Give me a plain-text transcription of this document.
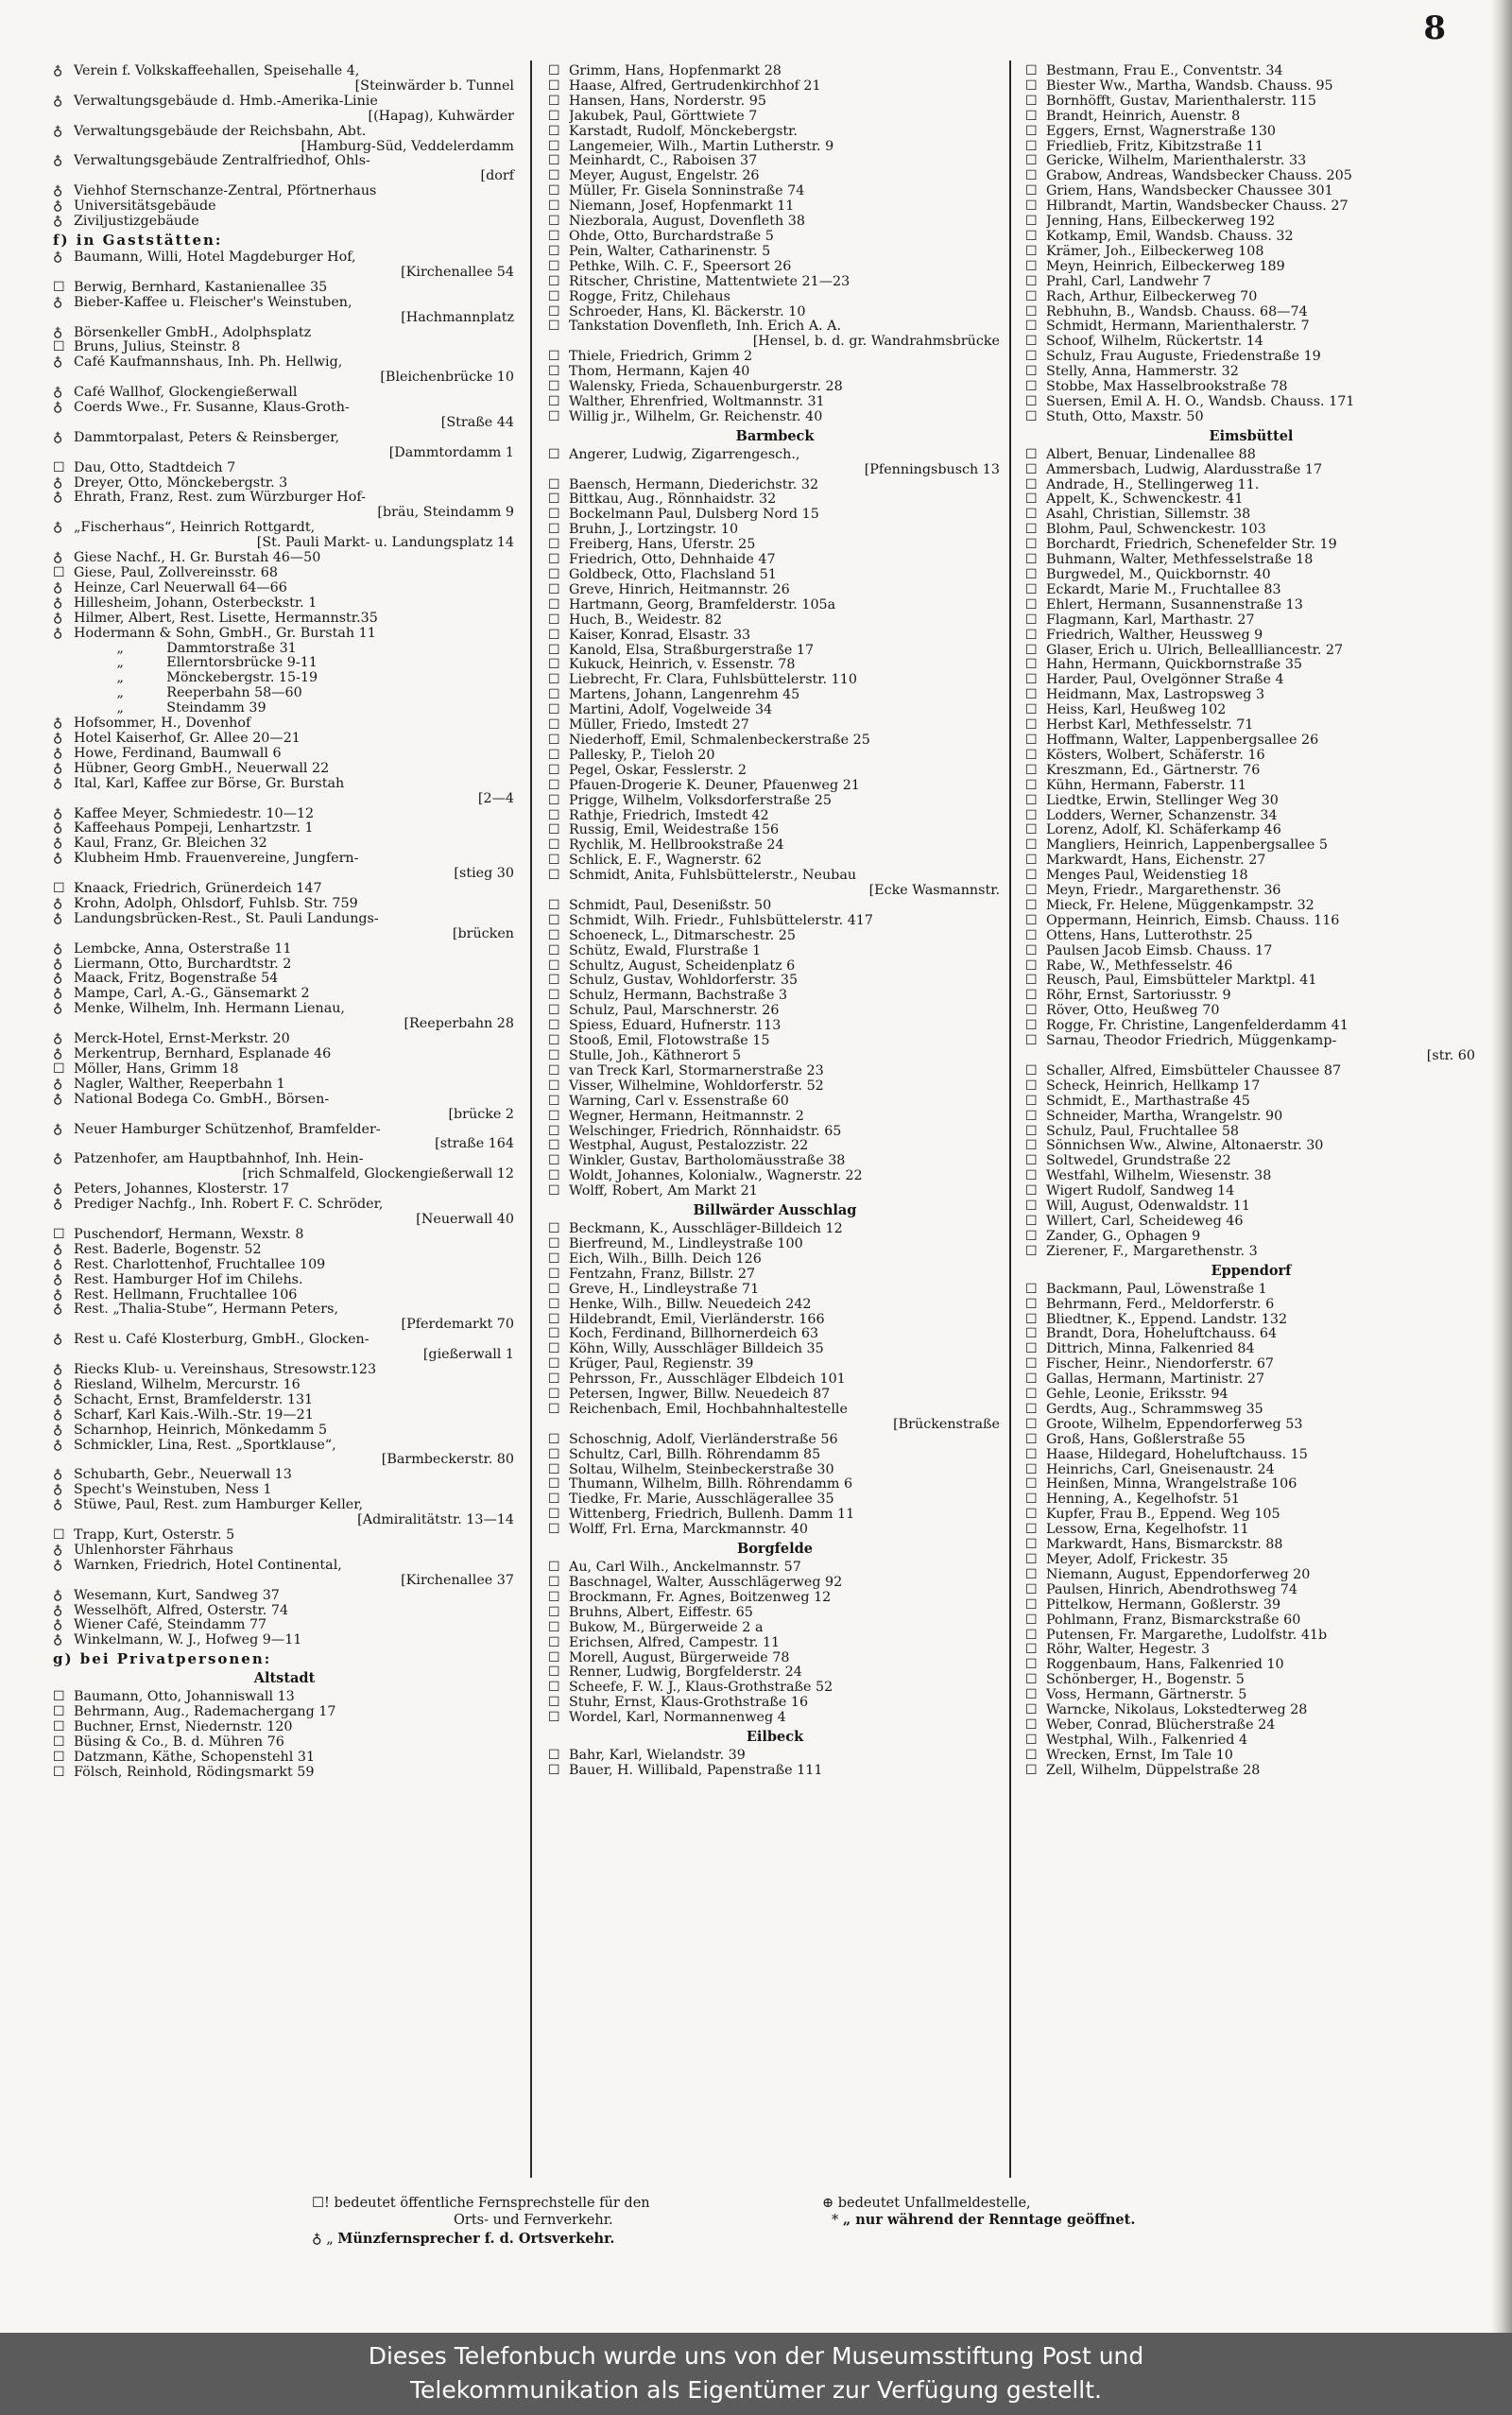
8
♁ Verein f. Volkskaffeehallen, Speisehalle 4,
[Steinwärder b. Tunnel
♁ Verwaltungsgebäude d. Hmb.-Amerika-Linie
[(Hapag), Kuhwärder
♁ Verwaltungsgebäude der Reichsbahn, Abt.
[Hamburg-Süd, Veddelerdamm
♁ Verwaltungsgebäude Zentralfriedhof, Ohls-
[dorf
♁ Viehhof Sternschanze-Zentral, Pförtnerhaus
♁ Universitätsgebäude
♁ Ziviljustizgebäude
f) in Gaststätten:
♁ Baumann, Willi, Hotel Magdeburger Hof,
[Kirchenallee 54
☐ Berwig, Bernhard, Kastanienallee 35
♁ Bieber-Kaffee u. Fleischer's Weinstuben,
[Hachmannplatz
♁ Börsenkeller GmbH., Adolphsplatz
☐ Bruns, Julius, Steinstr. 8
♁ Café Kaufmannshaus, Inh. Ph. Hellwig,
[Bleichenbrücke 10
♁ Café Wallhof, Glockengießerwall
♁ Coerds Wwe., Fr. Susanne, Klaus-Groth-
[Straße 44
♁ Dammtorpalast, Peters & Reinsberger,
[Dammtordamm 1
☐ Dau, Otto, Stadtdeich 7
♁ Dreyer, Otto, Mönckebergstr. 3
♁ Ehrath, Franz, Rest. zum Würzburger Hof-
[bräu, Steindamm 9
♁ „Fischerhaus“, Heinrich Rottgardt,
[St. Pauli Markt- u. Landungsplatz 14
♁ Giese Nachf., H. Gr. Burstah 46—50
☐ Giese, Paul, Zollvereinsstr. 68
♁ Heinze, Carl Neuerwall 64—66
♁ Hillesheim, Johann, Osterbeckstr. 1
♁ Hilmer, Albert, Rest. Lisette, Hermannstr.35
♁ Hodermann & Sohn, GmbH., Gr. Burstah 11
„          Dammtorstraße 31
„          Ellerntorsbrücke 9-11
„          Mönckebergstr. 15-19
„          Reeperbahn 58—60
„          Steindamm 39
♁ Hofsommer, H., Dovenhof
♁ Hotel Kaiserhof, Gr. Allee 20—21
♁ Howe, Ferdinand, Baumwall 6
♁ Hübner, Georg GmbH., Neuerwall 22
♁ Ital, Karl, Kaffee zur Börse, Gr. Burstah
[2—4
♁ Kaffee Meyer, Schmiedestr. 10—12
♁ Kaffeehaus Pompeji, Lenhartzstr. 1
♁ Kaul, Franz, Gr. Bleichen 32
♁ Klubheim Hmb. Frauenvereine, Jungfern-
[stieg 30
☐ Knaack, Friedrich, Grünerdeich 147
♁ Krohn, Adolph, Ohlsdorf, Fuhlsb. Str. 759
♁ Landungsbrücken-Rest., St. Pauli Landungs-
[brücken
♁ Lembcke, Anna, Osterstraße 11
♁ Liermann, Otto, Burchardtstr. 2
♁ Maack, Fritz, Bogenstraße 54
♁ Mampe, Carl, A.-G., Gänsemarkt 2
♁ Menke, Wilhelm, Inh. Hermann Lienau,
[Reeperbahn 28
♁ Merck-Hotel, Ernst-Merkstr. 20
♁ Merkentrup, Bernhard, Esplanade 46
☐ Möller, Hans, Grimm 18
♁ Nagler, Walther, Reeperbahn 1
♁ National Bodega Co. GmbH., Börsen-
[brücke 2
♁ Neuer Hamburger Schützenhof, Bramfelder-
[straße 164
♁ Patzenhofer, am Hauptbahnhof, Inh. Hein-
[rich Schmalfeld, Glockengießerwall 12
♁ Peters, Johannes, Klosterstr. 17
♁ Prediger Nachfg., Inh. Robert F. C. Schröder,
[Neuerwall 40
☐ Puschendorf, Hermann, Wexstr. 8
♁ Rest. Baderle, Bogenstr. 52
♁ Rest. Charlottenhof, Fruchtallee 109
♁ Rest. Hamburger Hof im Chilehs.
♁ Rest. Hellmann, Fruchtallee 106
♁ Rest. „Thalia-Stube“, Hermann Peters,
[Pferdemarkt 70
♁ Rest u. Café Klosterburg, GmbH., Glocken-
[gießerwall 1
♁ Riecks Klub- u. Vereinshaus, Stresowstr.123
♁ Riesland, Wilhelm, Mercurstr. 16
♁ Schacht, Ernst, Bramfelderstr. 131
♁ Scharf, Karl Kais.-Wilh.-Str. 19—21
♁ Scharnhop, Heinrich, Mönkedamm 5
♁ Schmickler, Lina, Rest. „Sportklause“,
[Barmbeckerstr. 80
♁ Schubarth, Gebr., Neuerwall 13
♁ Specht's Weinstuben, Ness 1
♁ Stüwe, Paul, Rest. zum Hamburger Keller,
[Admiralitätstr. 13—14
☐ Trapp, Kurt, Osterstr. 5
♁ Uhlenhorster Fährhaus
♁ Warnken, Friedrich, Hotel Continental,
[Kirchenallee 37
♁ Wesemann, Kurt, Sandweg 37
♁ Wesselhöft, Alfred, Osterstr. 74
♁ Wiener Café, Steindamm 77
♁ Winkelmann, W. J., Hofweg 9—11
g) bei Privatpersonen:
Altstadt
☐ Baumann, Otto, Johanniswall 13
☐ Behrmann, Aug., Rademachergang 17
☐ Buchner, Ernst, Niedernstr. 120
☐ Büsing & Co., B. d. Mühren 76
☐ Datzmann, Käthe, Schopenstehl 31
☐ Fölsch, Reinhold, Rödingsmarkt 59
☐ Grimm, Hans, Hopfenmarkt 28
☐ Haase, Alfred, Gertrudenkirchhof 21
☐ Hansen, Hans, Norderstr. 95
☐ Jakubek, Paul, Görttwiete 7
☐ Karstadt, Rudolf, Mönckebergstr.
☐ Langemeier, Wilh., Martin Lutherstr. 9
☐ Meinhardt, C., Raboisen 37
☐ Meyer, August, Engelstr. 26
☐ Müller, Fr. Gisela Sonninstraße 74
☐ Niemann, Josef, Hopfenmarkt 11
☐ Niezborala, August, Dovenfleth 38
☐ Ohde, Otto, Burchardstraße 5
☐ Pein, Walter, Catharinenstr. 5
☐ Pethke, Wilh. C. F., Speersort 26
☐ Ritscher, Christine, Mattentwiete 21—23
☐ Rogge, Fritz, Chilehaus
☐ Schroeder, Hans, Kl. Bäckerstr. 10
☐ Tankstation Dovenfleth, Inh. Erich A. A.
[Hensel, b. d. gr. Wandrahmsbrücke
☐ Thiele, Friedrich, Grimm 2
☐ Thom, Hermann, Kajen 40
☐ Walensky, Frieda, Schauenburgerstr. 28
☐ Walther, Ehrenfried, Woltmannstr. 31
☐ Willig jr., Wilhelm, Gr. Reichenstr. 40
Barmbeck
☐ Angerer, Ludwig, Zigarrengesch.,
[Pfenningsbusch 13
☐ Baensch, Hermann, Diederichstr. 32
☐ Bittkau, Aug., Rönnhaidstr. 32
☐ Bockelmann Paul, Dulsberg Nord 15
☐ Bruhn, J., Lortzingstr. 10
☐ Freiberg, Hans, Uferstr. 25
☐ Friedrich, Otto, Dehnhaide 47
☐ Goldbeck, Otto, Flachsland 51
☐ Greve, Hinrich, Heitmannstr. 26
☐ Hartmann, Georg, Bramfelderstr. 105a
☐ Huch, B., Weidestr. 82
☐ Kaiser, Konrad, Elsastr. 33
☐ Kanold, Elsa, Straßburgerstraße 17
☐ Kukuck, Heinrich, v. Essenstr. 78
☐ Liebrecht, Fr. Clara, Fuhlsbüttelerstr. 110
☐ Martens, Johann, Langenrehm 45
☐ Martini, Adolf, Vogelweide 34
☐ Müller, Friedo, Imstedt 27
☐ Niederhoff, Emil, Schmalenbeckerstraße 25
☐ Pallesky, P., Tieloh 20
☐ Pegel, Oskar, Fesslerstr. 2
☐ Pfauen-Drogerie K. Deuner, Pfauenweg 21
☐ Prigge, Wilhelm, Volksdorferstraße 25
☐ Rathje, Friedrich, Imstedt 42
☐ Russig, Emil, Weidestraße 156
☐ Rychlik, M. Hellbrookstraße 24
☐ Schlick, E. F., Wagnerstr. 62
☐ Schmidt, Anita, Fuhlsbüttelerstr., Neubau
[Ecke Wasmannstr.
☐ Schmidt, Paul, Desenißstr. 50
☐ Schmidt, Wilh. Friedr., Fuhlsbüttelerstr. 417
☐ Schoeneck, L., Ditmarschestr. 25
☐ Schütz, Ewald, Flurstraße 1
☐ Schultz, August, Scheidenplatz 6
☐ Schulz, Gustav, Wohldorferstr. 35
☐ Schulz, Hermann, Bachstraße 3
☐ Schulz, Paul, Marschnerstr. 26
☐ Spiess, Eduard, Hufnerstr. 113
☐ Stooß, Emil, Flotowstraße 15
☐ Stulle, Joh., Käthnerort 5
☐ van Treck Karl, Stormarnerstraße 23
☐ Visser, Wilhelmine, Wohldorferstr. 52
☐ Warning, Carl v. Essenstraße 60
☐ Wegner, Hermann, Heitmannstr. 2
☐ Welschinger, Friedrich, Rönnhaidstr. 65
☐ Westphal, August, Pestalozzistr. 22
☐ Winkler, Gustav, Bartholomäusstraße 38
☐ Woldt, Johannes, Kolonialw., Wagnerstr. 22
☐ Wolff, Robert, Am Markt 21
Billwärder Ausschlag
☐ Beckmann, K., Ausschläger-Billdeich 12
☐ Bierfreund, M., Lindleystraße 100
☐ Eich, Wilh., Billh. Deich 126
☐ Fentzahn, Franz, Billstr. 27
☐ Greve, H., Lindleystraße 71
☐ Henke, Wilh., Billw. Neuedeich 242
☐ Hildebrandt, Emil, Vierländerstr. 166
☐ Koch, Ferdinand, Billhornerdeich 63
☐ Köhn, Willy, Ausschläger Billdeich 35
☐ Krüger, Paul, Regienstr. 39
☐ Pehrsson, Fr., Ausschläger Elbdeich 101
☐ Petersen, Ingwer, Billw. Neuedeich 87
☐ Reichenbach, Emil, Hochbahnhaltestelle
[Brückenstraße
☐ Schoschnig, Adolf, Vierländerstraße 56
☐ Schultz, Carl, Billh. Röhrendamm 85
☐ Soltau, Wilhelm, Steinbeckerstraße 30
☐ Thumann, Wilhelm, Billh. Röhrendamm 6
☐ Tiedke, Fr. Marie, Ausschlägerallee 35
☐ Wittenberg, Friedrich, Bullenh. Damm 11
☐ Wolff, Frl. Erna, Marckmannstr. 40
Borgfelde
☐ Au, Carl Wilh., Anckelmannstr. 57
☐ Baschnagel, Walter, Ausschlägerweg 92
☐ Brockmann, Fr. Agnes, Boitzenweg 12
☐ Bruhns, Albert, Eiffestr. 65
☐ Bukow, M., Bürgerweide 2 a
☐ Erichsen, Alfred, Campestr. 11
☐ Morell, August, Bürgerweide 78
☐ Renner, Ludwig, Borgfelderstr. 24
☐ Scheefe, F. W. J., Klaus-Grothstraße 52
☐ Stuhr, Ernst, Klaus-Grothstraße 16
☐ Wordel, Karl, Normannenweg 4
Eilbeck
☐ Bahr, Karl, Wielandstr. 39
☐ Bauer, H. Willibald, Papenstraße 111
☐ Bestmann, Frau E., Conventstr. 34
☐ Biester Ww., Martha, Wandsb. Chauss. 95
☐ Bornhöfft, Gustav, Marienthalerstr. 115
☐ Brandt, Heinrich, Auenstr. 8
☐ Eggers, Ernst, Wagnerstraße 130
☐ Friedlieb, Fritz, Kibitzstraße 11
☐ Gericke, Wilhelm, Marienthalerstr. 33
☐ Grabow, Andreas, Wandsbecker Chauss. 205
☐ Griem, Hans, Wandsbecker Chaussee 301
☐ Hilbrandt, Martin, Wandsbecker Chauss. 27
☐ Jenning, Hans, Eilbeckerweg 192
☐ Kotkamp, Emil, Wandsb. Chauss. 32
☐ Krämer, Joh., Eilbeckerweg 108
☐ Meyn, Heinrich, Eilbeckerweg 189
☐ Prahl, Carl, Landwehr 7
☐ Rach, Arthur, Eilbeckerweg 70
☐ Rebhuhn, B., Wandsb. Chauss. 68—74
☐ Schmidt, Hermann, Marienthalerstr. 7
☐ Schoof, Wilhelm, Rückertstr. 14
☐ Schulz, Frau Auguste, Friedenstraße 19
☐ Stelly, Anna, Hammerstr. 32
☐ Stobbe, Max Hasselbrookstraße 78
☐ Suersen, Emil A. H. O., Wandsb. Chauss. 171
☐ Stuth, Otto, Maxstr. 50
Eimsbüttel
☐ Albert, Benuar, Lindenallee 88
☐ Ammersbach, Ludwig, Alardusstraße 17
☐ Andrade, H., Stellingerweg 11.
☐ Appelt, K., Schwenckestr. 41
☐ Asahl, Christian, Sillemstr. 38
☐ Blohm, Paul, Schwenckestr. 103
☐ Borchardt, Friedrich, Schenefelder Str. 19
☐ Buhmann, Walter, Methfesselstraße 18
☐ Burgwedel, M., Quickbornstr. 40
☐ Eckardt, Marie M., Fruchtallee 83
☐ Ehlert, Hermann, Susannenstraße 13
☐ Flagmann, Karl, Marthastr. 27
☐ Friedrich, Walther, Heussweg 9
☐ Glaser, Erich u. Ulrich, Belleallliancestr. 27
☐ Hahn, Hermann, Quickbornstraße 35
☐ Harder, Paul, Ovelgönner Straße 4
☐ Heidmann, Max, Lastropsweg 3
☐ Heiss, Karl, Heußweg 102
☐ Herbst Karl, Methfesselstr. 71
☐ Hoffmann, Walter, Lappenbergsallee 26
☐ Kösters, Wolbert, Schäferstr. 16
☐ Kreszmann, Ed., Gärtnerstr. 76
☐ Kühn, Hermann, Faberstr. 11
☐ Liedtke, Erwin, Stellinger Weg 30
☐ Lodders, Werner, Schanzenstr. 34
☐ Lorenz, Adolf, Kl. Schäferkamp 46
☐ Mangliers, Heinrich, Lappenbergsallee 5
☐ Markwardt, Hans, Eichenstr. 27
☐ Menges Paul, Weidenstieg 18
☐ Meyn, Friedr., Margarethenstr. 36
☐ Mieck, Fr. Helene, Müggenkampstr. 32
☐ Oppermann, Heinrich, Eimsb. Chauss. 116
☐ Ottens, Hans, Lutterothstr. 25
☐ Paulsen Jacob Eimsb. Chauss. 17
☐ Rabe, W., Methfesselstr. 46
☐ Reusch, Paul, Eimsbütteler Marktpl. 41
☐ Röhr, Ernst, Sartoriusstr. 9
☐ Röver, Otto, Heußweg 70
☐ Rogge, Fr. Christine, Langenfelderdamm 41
☐ Sarnau, Theodor Friedrich, Müggenkamp-
[str. 60
☐ Schaller, Alfred, Eimsbütteler Chaussee 87
☐ Scheck, Heinrich, Hellkamp 17
☐ Schmidt, E., Marthastraße 45
☐ Schneider, Martha, Wrangelstr. 90
☐ Schulz, Paul, Fruchtallee 58
☐ Sönnichsen Ww., Alwine, Altonaerstr. 30
☐ Soltwedel, Grundstraße 22
☐ Westfahl, Wilhelm, Wiesenstr. 38
☐ Wigert Rudolf, Sandweg 14
☐ Will, August, Odenwaldstr. 11
☐ Willert, Carl, Scheideweg 46
☐ Zander, G., Ophagen 9
☐ Zierener, F., Margarethenstr. 3
Eppendorf
☐ Backmann, Paul, Löwenstraße 1
☐ Behrmann, Ferd., Meldorferstr. 6
☐ Bliedtner, K., Eppend. Landstr. 132
☐ Brandt, Dora, Hoheluftchauss. 64
☐ Dittrich, Minna, Falkenried 84
☐ Fischer, Heinr., Niendorferstr. 67
☐ Gallas, Hermann, Martinistr. 27
☐ Gehle, Leonie, Eriksstr. 94
☐ Gerdts, Aug., Schrammsweg 35
☐ Groote, Wilhelm, Eppendorferweg 53
☐ Groß, Hans, Goßlerstraße 55
☐ Haase, Hildegard, Hoheluftchauss. 15
☐ Heinrichs, Carl, Gneisenaustr. 24
☐ Heinßen, Minna, Wrangelstraße 106
☐ Henning, A., Kegelhofstr. 51
☐ Kupfer, Frau B., Eppend. Weg 105
☐ Lessow, Erna, Kegelhofstr. 11
☐ Markwardt, Hans, Bismarckstr. 88
☐ Meyer, Adolf, Frickestr. 35
☐ Niemann, August, Eppendorferweg 20
☐ Paulsen, Hinrich, Abendrothsweg 74
☐ Pittelkow, Hermann, Goßlerstr. 39
☐ Pohlmann, Franz, Bismarckstraße 60
☐ Putensen, Fr. Margarethe, Ludolfstr. 41b
☐ Röhr, Walter, Hegestr. 3
☐ Roggenbaum, Hans, Falkenried 10
☐ Schönberger, H., Bogenstr. 5
☐ Voss, Hermann, Gärtnerstr. 5
☐ Warncke, Nikolaus, Lokstedterweg 28
☐ Weber, Conrad, Blücherstraße 24
☐ Westphal, Wilh., Falkenried 4
☐ Wrecken, Ernst, Im Tale 10
☐ Zell, Wilhelm, Düppelstraße 28
☐! bedeutet öffentliche Fernsprechstelle für den
Orts- und Fernverkehr.
♁ „ Münzfernsprecher f. d. Ortsverkehr.
⊕ bedeutet Unfallmeldestelle,
* „ nur während der Renntage geöffnet.
Dieses Telefonbuch wurde uns von der Museumsstiftung Post und
Telekommunikation als Eigentümer zur Verfügung gestellt.
